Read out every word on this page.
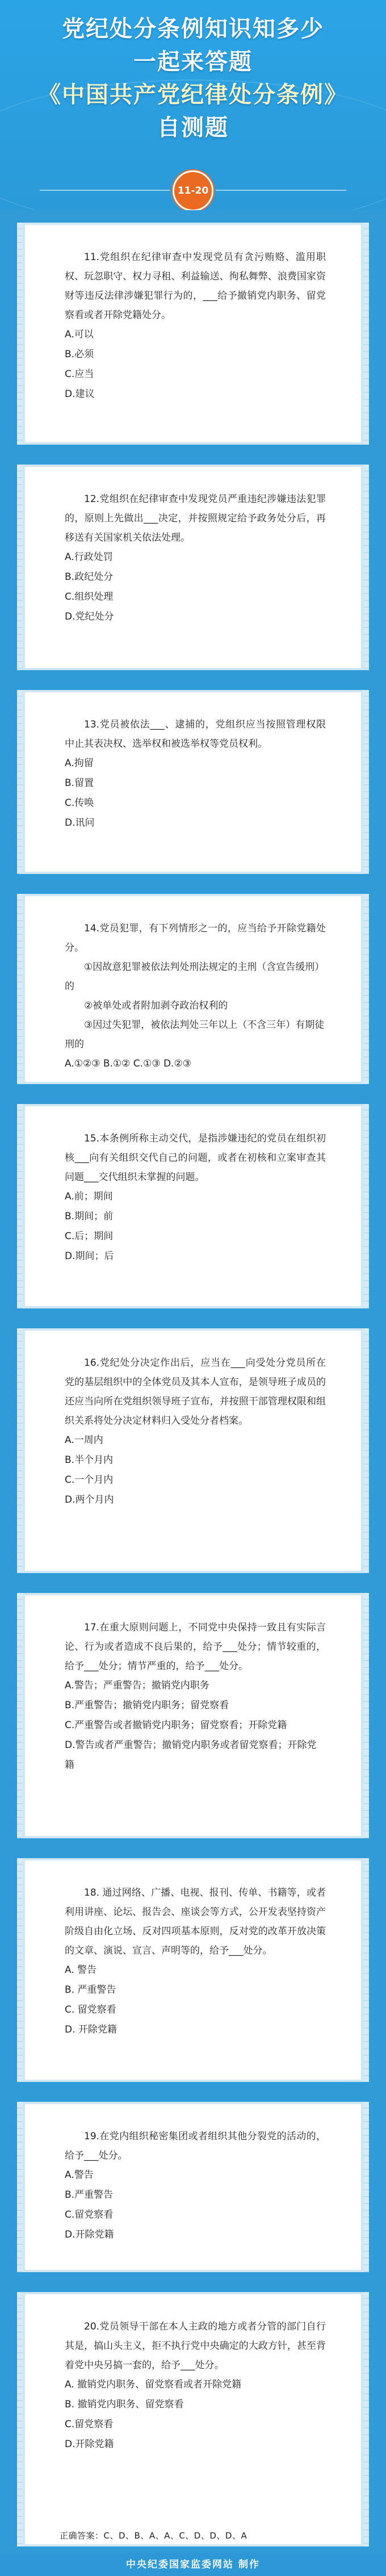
党纪处分条例知识知多少
一起来答题
《中国共产党纪律处分条例》
自测题
11-20
11.党组织在纪律审查中发现党员有贪污贿赂、滥用职权、玩忽职守、权力寻租、利益输送、徇私舞弊、浪费国家资财等违反法律涉嫌犯罪行为的，___给予撤销党内职务、留党察看或者开除党籍处分。
A.可以
B.必须
C.应当
D.建议
12.党组织在纪律审查中发现党员严重违纪涉嫌违法犯罪的，原则上先做出___决定，并按照规定给予政务处分后，再移送有关国家机关依法处理。
A.行政处罚
B.政纪处分
C.组织处理
D.党纪处分
13.党员被依法___、逮捕的，党组织应当按照管理权限中止其表决权、选举权和被选举权等党员权利。
A.拘留
B.留置
C.传唤
D.讯问
14.党员犯罪，有下列情形之一的，应当给予开除党籍处分。
①因故意犯罪被依法判处刑法规定的主刑（含宣告缓刑）的
②被单处或者附加剥夺政治权利的
③因过失犯罪，被依法判处三年以上（不含三年）有期徒刑的
A.①②③ B.①② C.①③ D.②③
15.本条例所称主动交代，是指涉嫌违纪的党员在组织初核___向有关组织交代自己的问题，或者在初核和立案审查其问题___交代组织未掌握的问题。
A.前；期间
B.期间；前
C.后；期间
D.期间；后
16.党纪处分决定作出后，应当在___向受处分党员所在党的基层组织中的全体党员及其本人宣布，是领导班子成员的还应当向所在党组织领导班子宣布，并按照干部管理权限和组织关系将处分决定材料归入受处分者档案。
A.一周内
B.半个月内
C.一个月内
D.两个月内
17.在重大原则问题上，不同党中央保持一致且有实际言论、行为或者造成不良后果的，给予___处分；情节较重的，给予___处分；情节严重的，给予___处分。
A.警告；严重警告；撤销党内职务
B.严重警告；撤销党内职务；留党察看
C.严重警告或者撤销党内职务；留党察看；开除党籍
D.警告或者严重警告；撤销党内职务或者留党察看；开除党籍
18. 通过网络、广播、电视、报刊、传单、书籍等，或者利用讲座、论坛、报告会、座谈会等方式，公开发表坚持资产阶级自由化立场、反对四项基本原则，反对党的改革开放决策的文章、演说、宣言、声明等的，给予___处分。
A. 警告
B. 严重警告
C. 留党察看
D. 开除党籍
19.在党内组织秘密集团或者组织其他分裂党的活动的，给予___处分。
A.警告
B.严重警告
C.留党察看
D.开除党籍
20.党员领导干部在本人主政的地方或者分管的部门自行其是，搞山头主义，拒不执行党中央确定的大政方针，甚至背着党中央另搞一套的，给予___处分。
A. 撤销党内职务、留党察看或者开除党籍
B. 撤销党内职务、留党察看
C.留党察看
D.开除党籍
正确答案：C、D、B、A、A、C、D、D、D、A
中央纪委国家监委网站 制作
